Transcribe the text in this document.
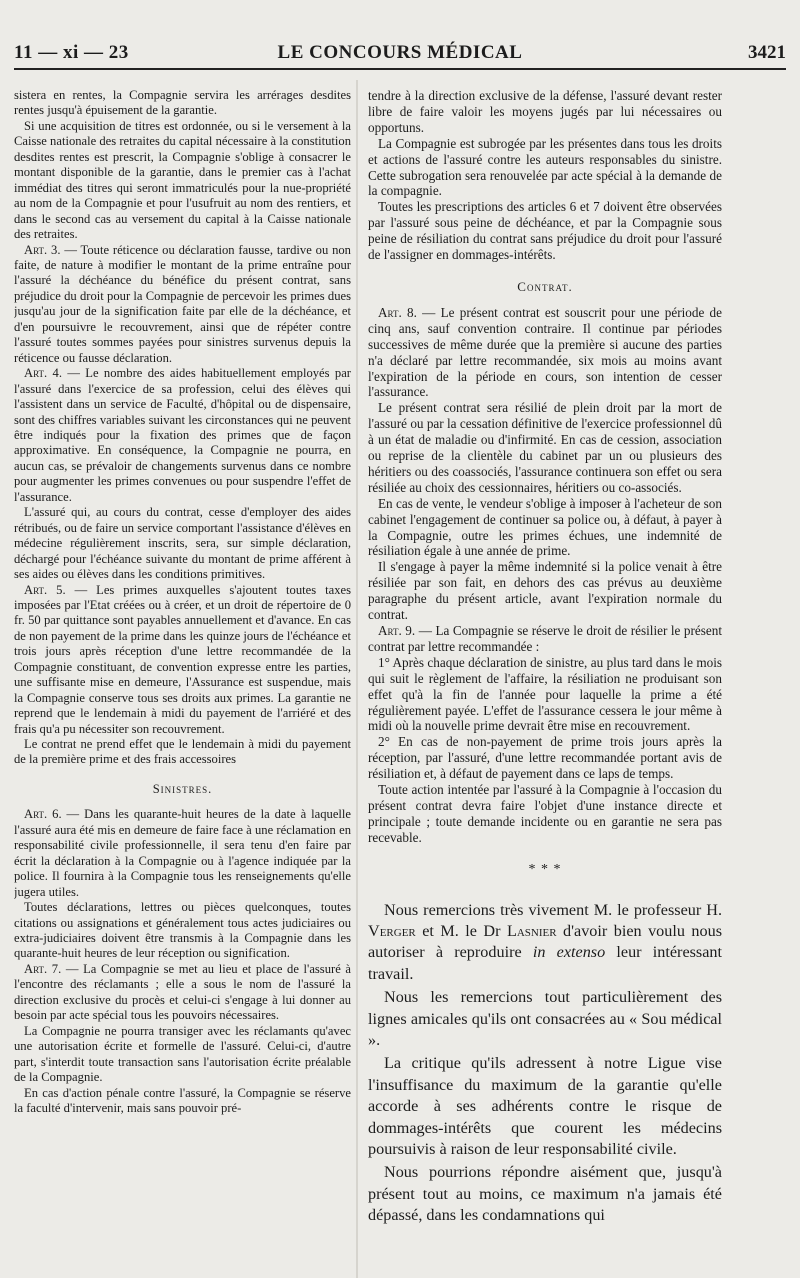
11 — xi — 23	LE CONCOURS MÉDICAL	3421

sistera en rentes, la Compagnie servira les arrérages desdites rentes jusqu'à épuisement de la garantie.

Si une acquisition de titres est ordonnée, ou si le versement à la Caisse nationale des retraites du capital nécessaire à la constitution desdites rentes est prescrit, la Compagnie s'oblige à consacrer le montant disponible de la garantie, dans le premier cas à l'achat immédiat des titres qui seront immatriculés pour la nue-propriété au nom de la Compagnie et pour l'usufruit au nom des rentiers, et dans le second cas au versement du capital à la Caisse nationale des retraites.

Art. 3. — Toute réticence ou déclaration fausse, tardive ou non faite, de nature à modifier le montant de la prime entraîne pour l'assuré la déchéance du bénéfice du présent contrat, sans préjudice du droit pour la Compagnie de percevoir les primes dues jusqu'au jour de la signification faite par elle de la déchéance, et d'en poursuivre le recouvrement, ainsi que de répéter contre l'assuré toutes sommes payées pour sinistres survenus depuis la réticence ou fausse déclaration.

Art. 4. — Le nombre des aides habituellement employés par l'assuré dans l'exercice de sa profession, celui des élèves qui l'assistent dans un service de Faculté, d'hôpital ou de dispensaire, sont des chiffres variables suivant les circonstances qui ne peuvent être indiqués pour la fixation des primes que de façon approximative. En conséquence, la Compagnie ne pourra, en aucun cas, se prévaloir de changements survenus dans ce nombre pour augmenter les primes convenues ou pour suspendre l'effet de l'assurance.

L'assuré qui, au cours du contrat, cesse d'employer des aides rétribués, ou de faire un service comportant l'assistance d'élèves en médecine régulièrement inscrits, sera, sur simple déclaration, déchargé pour l'échéance suivante du montant de prime afférent à ses aides ou élèves dans les conditions primitives.

Art. 5. — Les primes auxquelles s'ajoutent toutes taxes imposées par l'Etat créées ou à créer, et un droit de répertoire de 0 fr. 50 par quittance sont payables annuellement et d'avance. En cas de non payement de la prime dans les quinze jours de l'échéance et trois jours après réception d'une lettre recommandée de la Compagnie constituant, de convention expresse entre les parties, une suffisante mise en demeure, l'Assurance est suspendue, mais la Compagnie conserve tous ses droits aux primes. La garantie ne reprend que le lendemain à midi du payement de l'arriéré et des frais qu'a pu nécessiter son recouvrement.

Le contrat ne prend effet que le lendemain à midi du payement de la première prime et des frais accessoires

Sinistres.

Art. 6. — Dans les quarante-huit heures de la date à laquelle l'assuré aura été mis en demeure de faire face à une réclamation en responsabilité civile professionnelle, il sera tenu d'en faire par écrit la déclaration à la Compagnie ou à l'agence indiquée par la police. Il fournira à la Compagnie tous les renseignements qu'elle jugera utiles.

Toutes déclarations, lettres ou pièces quelconques, toutes citations ou assignations et généralement tous actes judiciaires ou extra-judiciaires doivent être transmis à la Compagnie dans les quarante-huit heures de leur réception ou signification.

Art. 7. — La Compagnie se met au lieu et place de l'assuré à l'encontre des réclamants ; elle a sous le nom de l'assuré la direction exclusive du procès et celui-ci s'engage à lui donner au besoin par acte spécial tous les pouvoirs nécessaires.

La Compagnie ne pourra transiger avec les réclamants qu'avec une autorisation écrite et formelle de l'assuré. Celui-ci, d'autre part, s'interdit toute transaction sans l'autorisation écrite préalable de la Compagnie.

En cas d'action pénale contre l'assuré, la Compagnie se réserve la faculté d'intervenir, mais sans pouvoir pré-

tendre à la direction exclusive de la défense, l'assuré devant rester libre de faire valoir les moyens jugés par lui nécessaires ou opportuns.

La Compagnie est subrogée par les présentes dans tous les droits et actions de l'assuré contre les auteurs responsables du sinistre. Cette subrogation sera renouvelée par acte spécial à la demande de la compagnie.

Toutes les prescriptions des articles 6 et 7 doivent être observées par l'assuré sous peine de déchéance, et par la Compagnie sous peine de résiliation du contrat sans préjudice du droit pour l'assuré de l'assigner en dommages-intérêts.

Contrat.

Art. 8. — Le présent contrat est souscrit pour une période de cinq ans, sauf convention contraire. Il continue par périodes successives de même durée que la première si aucune des parties n'a déclaré par lettre recommandée, six mois au moins avant l'expiration de la période en cours, son intention de cesser l'assurance.

Le présent contrat sera résilié de plein droit par la mort de l'assuré ou par la cessation définitive de l'exercice professionnel dû à un état de maladie ou d'infirmité. En cas de cession, association ou reprise de la clientèle du cabinet par un ou plusieurs des héritiers ou des coassociés, l'assurance continuera son effet ou sera résiliée au choix des cessionnaires, héritiers ou co-associés.

En cas de vente, le vendeur s'oblige à imposer à l'acheteur de son cabinet l'engagement de continuer sa police ou, à défaut, à payer à la Compagnie, outre les primes échues, une indemnité de résiliation égale à une année de prime.

Il s'engage à payer la même indemnité si la police venait à être résiliée par son fait, en dehors des cas prévus au deuxième paragraphe du présent article, avant l'expiration normale du contrat.

Art. 9. — La Compagnie se réserve le droit de résilier le présent contrat par lettre recommandée :

1° Après chaque déclaration de sinistre, au plus tard dans le mois qui suit le règlement de l'affaire, la résiliation ne produisant son effet qu'à la fin de l'année pour laquelle la prime a été régulièrement payée. L'effet de l'assurance cessera le jour même à midi où la nouvelle prime devrait être mise en recouvrement.

2° En cas de non-payement de prime trois jours après la réception, par l'assuré, d'une lettre recommandée portant avis de résiliation et, à défaut de payement dans ce laps de temps.

Toute action intentée par l'assuré à la Compagnie à l'occasion du présent contrat devra faire l'objet d'une instance directe et principale ; toute demande incidente ou en garantie ne sera pas recevable.

* * *

Nous remercions très vivement M. le professeur H. Verger et M. le Dr Lasnier d'avoir bien voulu nous autoriser à reproduire in extenso leur intéressant travail.

Nous les remercions tout particulièrement des lignes amicales qu'ils ont consacrées au « Sou médical ».

La critique qu'ils adressent à notre Ligue vise l'insuffisance du maximum de la garantie qu'elle accorde à ses adhérents contre le risque de dommages-intérêts que courent les médecins poursuivis à raison de leur responsabilité civile.

Nous pourrions répondre aisément que, jusqu'à présent tout au moins, ce maximum n'a jamais été dépassé, dans les condamnations qui
